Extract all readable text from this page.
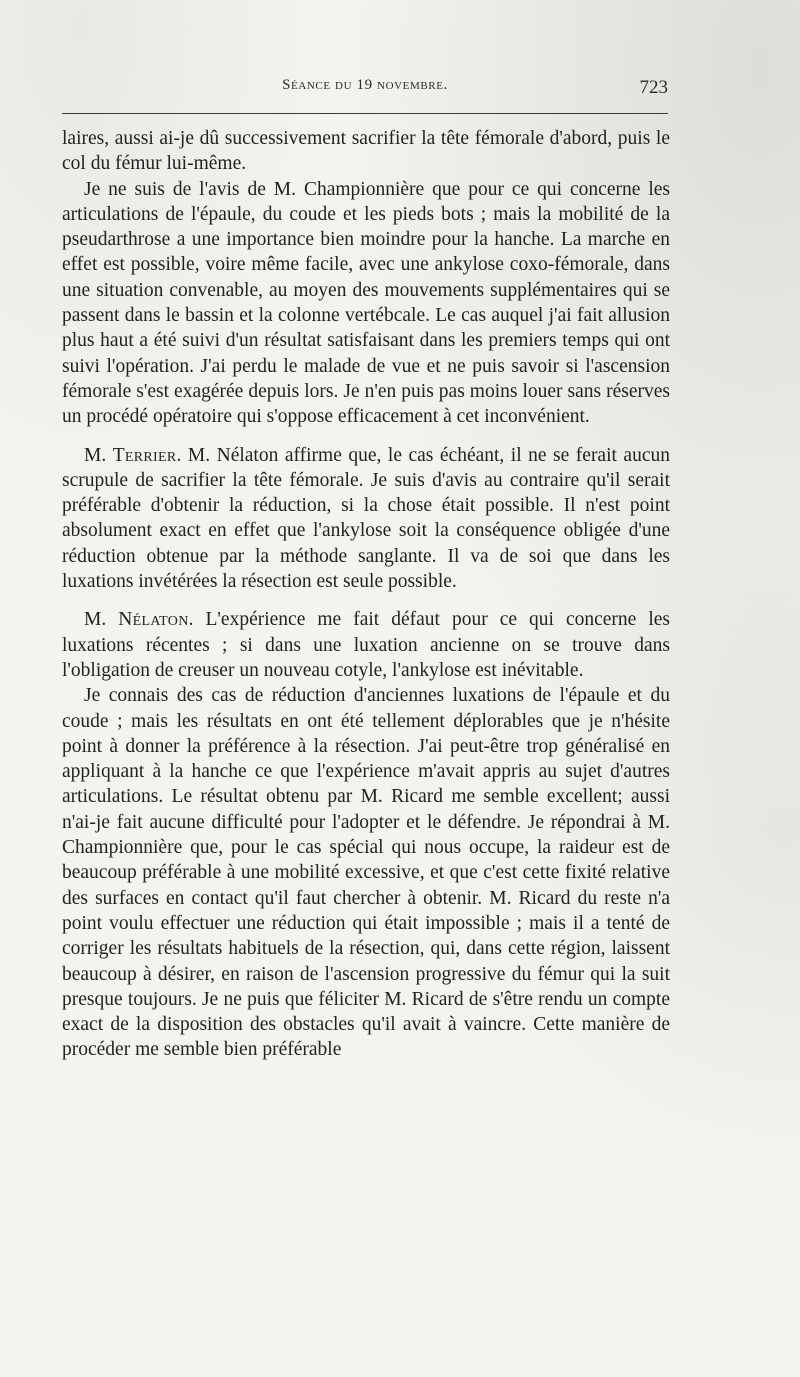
Séance du 19 novembre.	723

laires, aussi ai-je dû successivement sacrifier la tête fémorale d'abord, puis le col du fémur lui-même.

Je ne suis de l'avis de M. Championnière que pour ce qui concerne les articulations de l'épaule, du coude et les pieds bots ; mais la mobilité de la pseudarthrose a une importance bien moindre pour la hanche. La marche en effet est possible, voire même facile, avec une ankylose coxo-fémorale, dans une situation convenable, au moyen des mouvements supplémentaires qui se passent dans le bassin et la colonne vertébcale. Le cas auquel j'ai fait allusion plus haut a été suivi d'un résultat satisfaisant dans les premiers temps qui ont suivi l'opération. J'ai perdu le malade de vue et ne puis savoir si l'ascension fémorale s'est exagérée depuis lors. Je n'en puis pas moins louer sans réserves un procédé opératoire qui s'oppose efficacement à cet inconvénient.

M. Terrier. M. Nélaton affirme que, le cas échéant, il ne se ferait aucun scrupule de sacrifier la tête fémorale. Je suis d'avis au contraire qu'il serait préférable d'obtenir la réduction, si la chose était possible. Il n'est point absolument exact en effet que l'ankylose soit la conséquence obligée d'une réduction obtenue par la méthode sanglante. Il va de soi que dans les luxations invétérées la résection est seule possible.

M. Nélaton. L'expérience me fait défaut pour ce qui concerne les luxations récentes ; si dans une luxation ancienne on se trouve dans l'obligation de creuser un nouveau cotyle, l'ankylose est inévitable.

Je connais des cas de réduction d'anciennes luxations de l'épaule et du coude ; mais les résultats en ont été tellement déplorables que je n'hésite point à donner la préférence à la résection. J'ai peut-être trop généralisé en appliquant à la hanche ce que l'expérience m'avait appris au sujet d'autres articulations. Le résultat obtenu par M. Ricard me semble excellent; aussi n'ai-je fait aucune difficulté pour l'adopter et le défendre. Je répondrai à M. Championnière que, pour le cas spécial qui nous occupe, la raideur est de beaucoup préférable à une mobilité excessive, et que c'est cette fixité relative des surfaces en contact qu'il faut chercher à obtenir. M. Ricard du reste n'a point voulu effectuer une réduction qui était impossible ; mais il a tenté de corriger les résultats habituels de la résection, qui, dans cette région, laissent beaucoup à désirer, en raison de l'ascension progressive du fémur qui la suit presque toujours. Je ne puis que féliciter M. Ricard de s'être rendu un compte exact de la disposition des obstacles qu'il avait à vaincre. Cette manière de procéder me semble bien préférable
